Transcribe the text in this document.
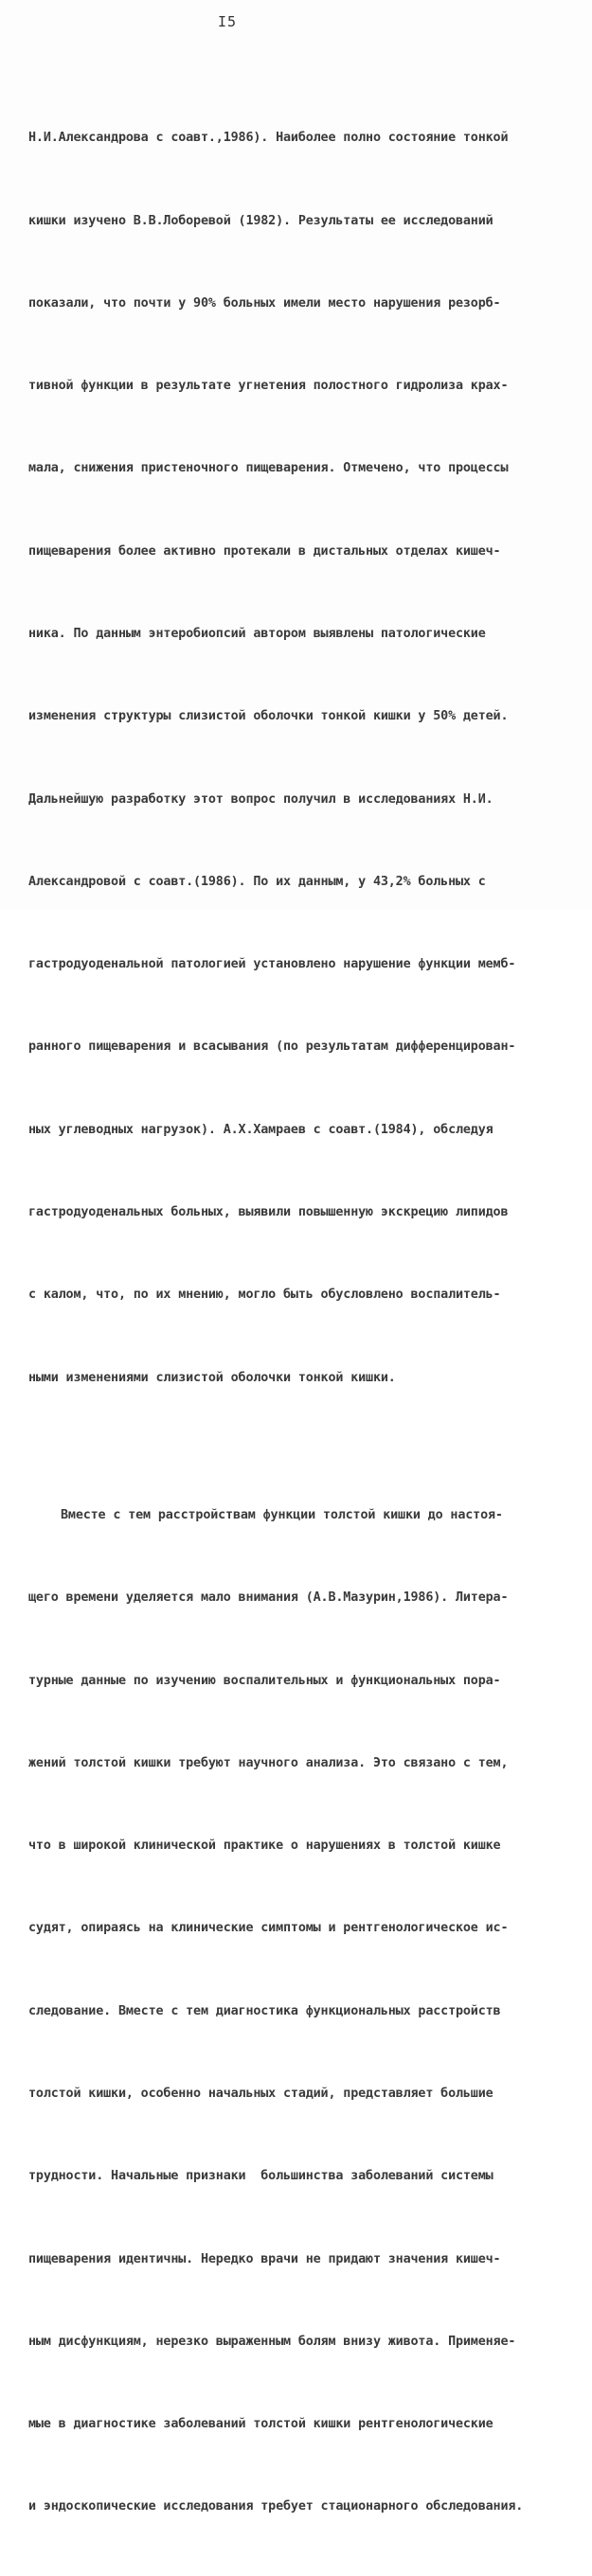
I5

Н.И.Александрова с соавт.,1986). Наиболее полно состояние тонкой

кишки изучено В.В.Лоборевой (1982). Результаты ее исследований

показали, что почти у 90% больных имели место нарушения резорб-

тивной функции в результате угнетения полостного гидролиза крах-

мала, снижения пристеночного пищеварения. Отмечено, что процессы

пищеварения более активно протекали в дистальных отделах кишеч-

ника. По данным энтеробиопсий автором выявлены патологические

изменения структуры слизистой оболочки тонкой кишки у 50% детей.

Дальнейшую разработку этот вопрос получил в исследованиях Н.И.

Александровой с соавт.(1986). По их данным, у 43,2% больных с

гастродуоденальной патологией установлено нарушение функции мемб-

ранного пищеварения и всасывания (по результатам дифференцирован-

ных углеводных нагрузок). А.Х.Хамраев с соавт.(1984), обследуя

гастродуоденальных больных, выявили повышенную экскрецию липидов

с калом, что, по их мнению, могло быть обусловлено воспалитель-

ными изменениями слизистой оболочки тонкой кишки.

Вместе с тем расстройствам функции толстой кишки до настоя-

щего времени уделяется мало внимания (А.В.Мазурин,1986). Литера-

турные данные по изучению воспалительных и функциональных пора-

жений толстой кишки требуют научного анализа. Это связано с тем,

что в широкой клинической практике о нарушениях в толстой кишке

судят, опираясь на клинические симптомы и рентгенологическое ис-

следование. Вместе с тем диагностика функциональных расстройств

толстой кишки, особенно начальных стадий, представляет большие

трудности. Начальные признаки  большинства заболеваний системы

пищеварения идентичны. Нередко врачи не придают значения кишеч-

ным дисфункциям, нерезко выраженным болям внизу живота. Применяе-

мые в диагностике заболеваний толстой кишки рентгенологические

и эндоскопические исследования требует стационарного обследования.
